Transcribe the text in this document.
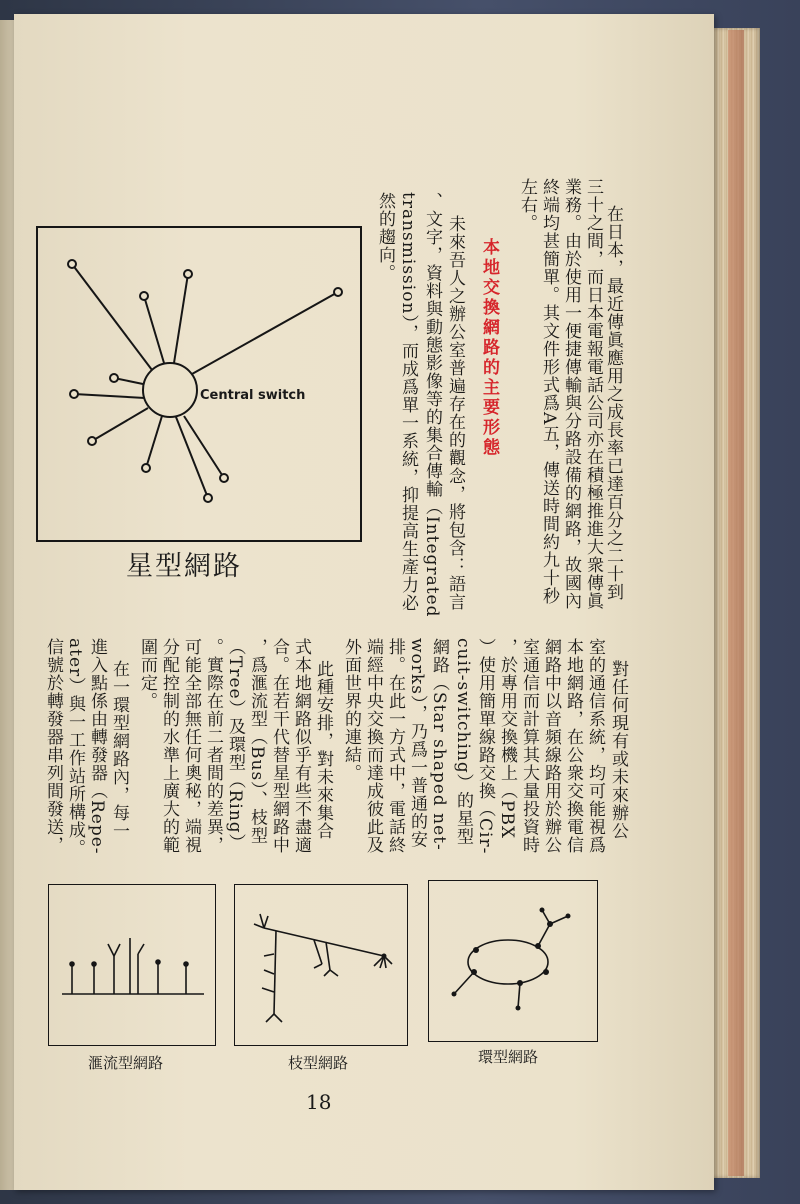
在日本，最近傳眞應用之成長率已達百分之二十到
三十之間，而日本電報電話公司亦在積極推進大衆傳眞
業務。由於使用一便捷傳輸與分路設備的網路，故國內
終端均甚簡單。其文件形式爲A五，傳送時間約九十秒
左右。
本地交換網路的主要形態
未來吾人之辦公室普遍存在的觀念，將包含：語言
、文字，資料與動態影像等的集合傳輸（Integrated
transmission），而成爲單一系統，抑提高生產力必
然的趨向。
Central switch
星型網路
對任何現有或未來辦公
室的通信系統，均可能視爲
本地網路，在公衆交換電信
網路中以音頻線路用於辦公
室通信而計算其大量投資時
，於專用交換機上（PBX
）使用簡單線路交換（Cir-
cuit-switching）的星型
網路（Star shaped net-
works），乃爲一普通的安
排。在此一方式中，電話終
端經中央交換而達成彼此及
外面世界的連結。
此種安排，對未來集合
式本地網路似乎有些不盡適
合。在若干代替星型網路中
，爲滙流型（Bus）、枝型
（Tree）及環型（Ring）
。實際在前二者間的差異，
可能全部無任何奧秘，端視
分配控制的水準上廣大的範
圍而定。
在一環型網路內，每一
進入點係由轉發器（Repe-
ater）與一工作站所構成。
信號於轉發器串列間發送，
滙流型網路	枝型網路	環型網路
18
